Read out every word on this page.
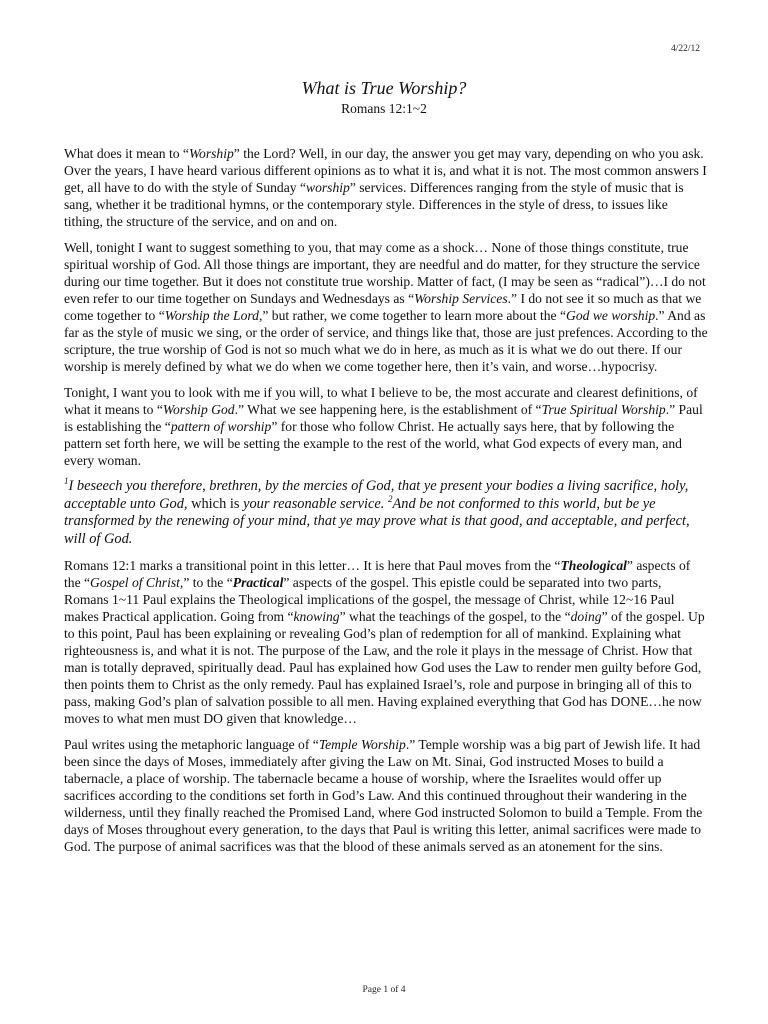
4/22/12
What is True Worship?
Romans 12:1~2

What does it mean to “Worship” the Lord? Well, in our day, the answer you get may vary, depending on who you ask. Over the years, I have heard various different opinions as to what it is, and what it is not. The most common answers I get, all have to do with the style of Sunday “worship” services. Differences ranging from the style of music that is sang, whether it be traditional hymns, or the contemporary style. Differences in the style of dress, to issues like tithing, the structure of the service, and on and on.

Well, tonight I want to suggest something to you, that may come as a shock… None of those things constitute, true spiritual worship of God. All those things are important, they are needful and do matter, for they structure the service during our time together. But it does not constitute true worship. Matter of fact, (I may be seen as “radical”)…I do not even refer to our time together on Sundays and Wednesdays as “Worship Services.” I do not see it so much as that we come together to “Worship the Lord,” but rather, we come together to learn more about the “God we worship.” And as far as the style of music we sing, or the order of service, and things like that, those are just prefences. According to the scripture, the true worship of God is not so much what we do in here, as much as it is what we do out there. If our worship is merely defined by what we do when we come together here, then it’s vain, and worse…hypocrisy.

Tonight, I want you to look with me if you will, to what I believe to be, the most accurate and clearest definitions, of what it means to “Worship God.” What we see happening here, is the establishment of “True Spiritual Worship.” Paul is establishing the “pattern of worship” for those who follow Christ. He actually says here, that by following the pattern set forth here, we will be setting the example to the rest of the world, what God expects of every man, and every woman.

$^1$I beseech you therefore, brethren, by the mercies of God, that ye present your bodies a living sacrifice, holy, acceptable unto God, which is your reasonable service. $^2$And be not conformed to this world, but be ye transformed by the renewing of your mind, that ye may prove what is that good, and acceptable, and perfect, will of God.

Romans 12:1 marks a transitional point in this letter… It is here that Paul moves from the “Theological” aspects of the “Gospel of Christ,” to the “Practical” aspects of the gospel. This epistle could be separated into two parts, Romans 1~11 Paul explains the Theological implications of the gospel, the message of Christ, while 12~16 Paul makes Practical application. Going from “knowing” what the teachings of the gospel, to the “doing” of the gospel. Up to this point, Paul has been explaining or revealing God’s plan of redemption for all of mankind. Explaining what righteousness is, and what it is not. The purpose of the Law, and the role it plays in the message of Christ. How that man is totally depraved, spiritually dead. Paul has explained how God uses the Law to render men guilty before God, then points them to Christ as the only remedy. Paul has explained Israel’s, role and purpose in bringing all of this to pass, making God’s plan of salvation possible to all men. Having explained everything that God has DONE…he now moves to what men must DO given that knowledge…

Paul writes using the metaphoric language of “Temple Worship.” Temple worship was a big part of Jewish life. It had been since the days of Moses, immediately after giving the Law on Mt. Sinai, God instructed Moses to build a tabernacle, a place of worship. The tabernacle became a house of worship, where the Israelites would offer up sacrifices according to the conditions set forth in God’s Law. And this continued throughout their wandering in the wilderness, until they finally reached the Promised Land, where God instructed Solomon to build a Temple. From the days of Moses throughout every generation, to the days that Paul is writing this letter, animal sacrifices were made to God. The purpose of animal sacrifices was that the blood of these animals served as an atonement for the sins.

Page 1 of 4
